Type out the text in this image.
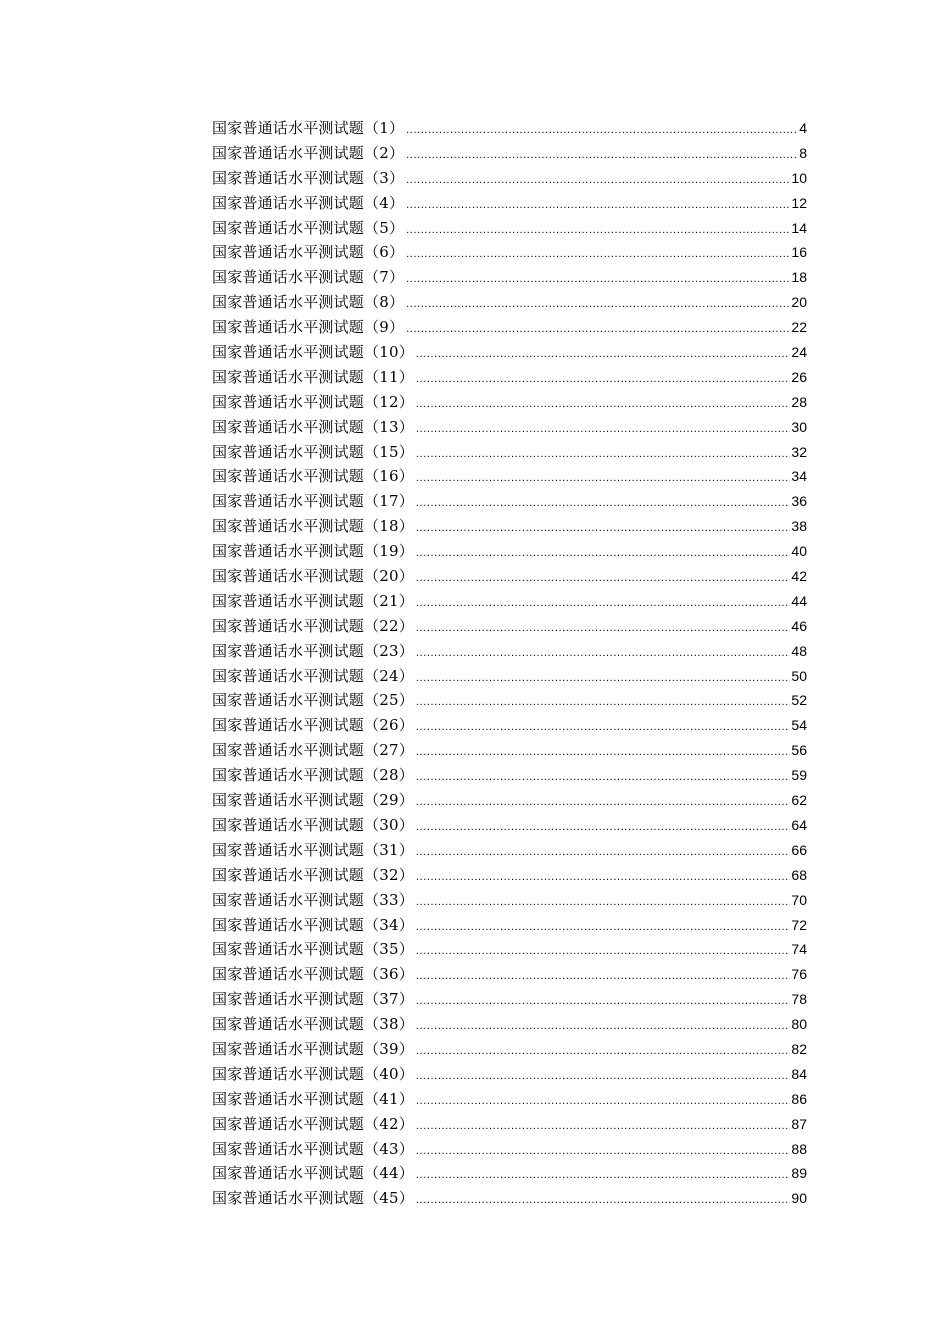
国家普通话水平测试题（1） .....	4
国家普通话水平测试题（2） .....	8
国家普通话水平测试题（3） .....	10
国家普通话水平测试题（4） .....	12
国家普通话水平测试题（5） .....	14
国家普通话水平测试题（6） .....	16
国家普通话水平测试题（7） .....	18
国家普通话水平测试题（8） .....	20
国家普通话水平测试题（9） .....	22
国家普通话水平测试题（10） .....	24
国家普通话水平测试题（11） .....	26
国家普通话水平测试题（12） .....	28
国家普通话水平测试题（13） .....	30
国家普通话水平测试题（15） .....	32
国家普通话水平测试题（16） .....	34
国家普通话水平测试题（17） .....	36
国家普通话水平测试题（18） .....	38
国家普通话水平测试题（19） .....	40
国家普通话水平测试题（20） .....	42
国家普通话水平测试题（21） .....	44
国家普通话水平测试题（22） .....	46
国家普通话水平测试题（23） .....	48
国家普通话水平测试题（24） .....	50
国家普通话水平测试题（25） .....	52
国家普通话水平测试题（26） .....	54
国家普通话水平测试题（27） .....	56
国家普通话水平测试题（28） .....	59
国家普通话水平测试题（29） .....	62
国家普通话水平测试题（30） .....	64
国家普通话水平测试题（31） .....	66
国家普通话水平测试题（32） .....	68
国家普通话水平测试题（33） .....	70
国家普通话水平测试题（34） .....	72
国家普通话水平测试题（35） .....	74
国家普通话水平测试题（36） .....	76
国家普通话水平测试题（37） .....	78
国家普通话水平测试题（38） .....	80
国家普通话水平测试题（39） .....	82
国家普通话水平测试题（40） .....	84
国家普通话水平测试题（41） .....	86
国家普通话水平测试题（42） .....	87
国家普通话水平测试题（43） .....	88
国家普通话水平测试题（44） .....	89
国家普通话水平测试题（45） .....	90
